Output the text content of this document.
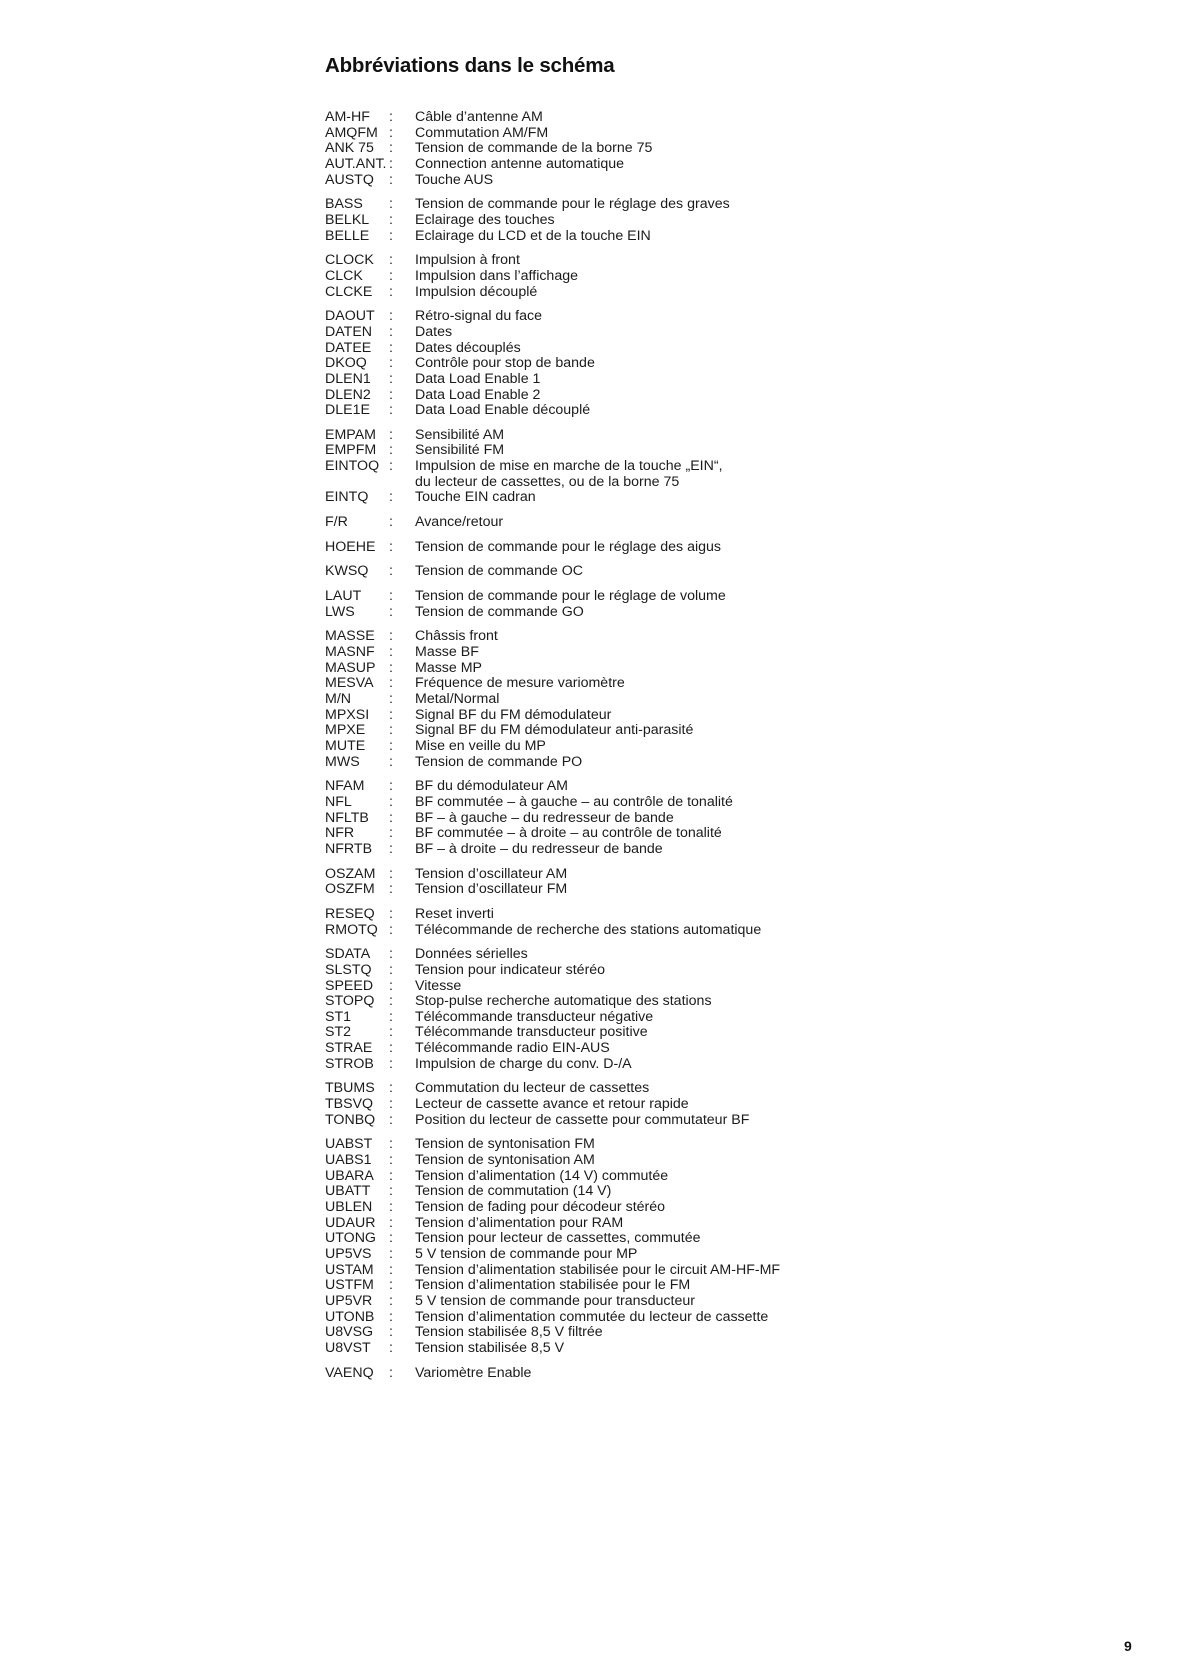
Abbréviations dans le schéma
AM-HF	:	Câble d’antenne AM
AMQFM :	Commutation AM/FM
ANK 75	:	Tension de commande de la borne 75
AUT.ANT. :	Connection antenne automatique
AUSTQ	:	Touche AUS
BASS	:	Tension de commande pour le réglage des graves
BELKL	:	Eclairage des touches
BELLE	:	Eclairage du LCD et de la touche EIN
CLOCK	:	Impulsion à front
CLCK	:	Impulsion dans l’affichage
CLCKE	:	Impulsion découplé
DAOUT	:	Rétro-signal du face
DATEN	:	Dates
DATEE	:	Dates découplés
DKOQ	:	Contrôle pour stop de bande
DLEN1	:	Data Load Enable 1
DLEN2	:	Data Load Enable 2
DLE1E	:	Data Load Enable découplé
EMPAM :	Sensibilité AM
EMPFM :	Sensibilité FM
EINTOQ :	Impulsion de mise en marche de la touche „EIN“,
du lecteur de cassettes, ou de la borne 75
EINTQ	:	Touche EIN cadran
F/R	:	Avance/retour
HOEHE :	Tension de commande pour le réglage des aigus
KWSQ	:	Tension de commande OC
LAUT	:	Tension de commande pour le réglage de volume
LWS	:	Tension de commande GO
MASSE	:	Châssis front
MASNF	:	Masse BF
MASUP :	Masse MP
MESVA	:	Fréquence de mesure variomètre
M/N	:	Metal/Normal
MPXSI	:	Signal BF du FM démodulateur
MPXE	:	Signal BF du FM démodulateur anti-parasité
MUTE	:	Mise en veille du MP
MWS	:	Tension de commande PO
NFAM	:	BF du démodulateur AM
NFL	:	BF commutée – à gauche – au contrôle de tonalité
NFLTB	:	BF – à gauche – du redresseur de bande
NFR	:	BF commutée – à droite – au contrôle de tonalité
NFRTB	:	BF – à droite – du redresseur de bande
OSZAM :	Tension d’oscillateur AM
OSZFM	:	Tension d’oscillateur FM
RESEQ	:	Reset inverti
RMOTQ :	Télécommande de recherche des stations automatique
SDATA	:	Données sérielles
SLSTQ	:	Tension pour indicateur stéréo
SPEED	:	Vitesse
STOPQ	:	Stop-pulse recherche automatique des stations
ST1	:	Télécommande transducteur négative
ST2	:	Télécommande transducteur positive
STRAE	:	Télécommande radio EIN-AUS
STROB	:	Impulsion de charge du conv. D-/A
TBUMS	:	Commutation du lecteur de cassettes
TBSVQ	:	Lecteur de cassette avance et retour rapide
TONBQ :	Position du lecteur de cassette pour commutateur BF
UABST	:	Tension de syntonisation FM
UABS1	:	Tension de syntonisation AM
UBARA	:	Tension d’alimentation (14 V) commutée
UBATT	:	Tension de commutation (14 V)
UBLEN	:	Tension de fading pour décodeur stéréo
UDAUR :	Tension d’alimentation pour RAM
UTONG :	Tension pour lecteur de cassettes, commutée
UP5VS	:	5 V tension de commande pour MP
USTAM	:	Tension d’alimentation stabilisée pour le circuit AM-HF-MF
USTFM	:	Tension d’alimentation stabilisée pour le FM
UP5VR	:	5 V tension de commande pour transducteur
UTONB	:	Tension d’alimentation commutée du lecteur de cassette
U8VSG	:	Tension stabilisée 8,5 V filtrée
U8VST	:	Tension stabilisée 8,5 V
VAENQ	:	Variomètre Enable
9
